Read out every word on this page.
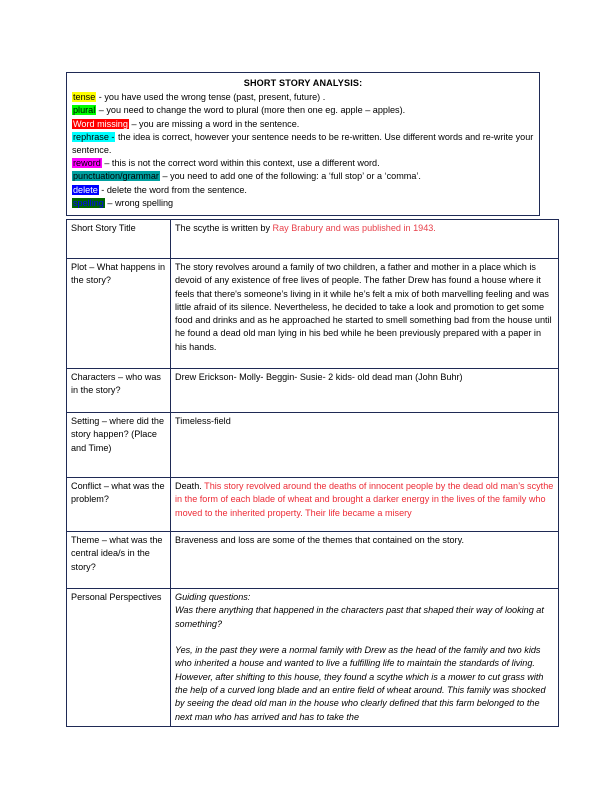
SHORT STORY ANALYSIS:
tense - you have used the wrong tense (past, present, future) .
plural – you need to change the word to plural (more then one eg. apple – apples).
Word missing – you are missing a word in the sentence.
rephrase - the idea is correct, however your sentence needs to be re-written. Use different words and re-write your sentence.
reword – this is not the correct word within this context, use a different word.
punctuation/grammar – you need to add one of the following: a ‘full stop’ or a ‘comma’.
delete - delete the word from the sentence.
spelling – wrong spelling
Short Story Title	The scythe is written by Ray Brabury and was published in 1943.
Plot – What happens in the story?	The story revolves around a family of two children, a father and mother in a place which is devoid of any existence of free lives of people. The father Drew has found a house where it feels that there's someone’s living in it while he’s felt a mix of both marvelling feeling and was little afraid of its silence. Nevertheless, he decided to take a look and promotion to get some food and drinks and as he approached he started to smell something bad from the house until he found a dead old man lying in his bed while he been previously prepared with a paper in his hands.
Characters – who was in the story?	Drew Erickson- Molly- Beggin- Susie- 2 kids- old dead man (John Buhr)
Setting – where did the story happen? (Place and Time)	Timeless-field
Conflict – what was the problem?	Death. This story revolved around the deaths of innocent people by the dead old man’s scythe in the form of each blade of wheat and brought a darker energy in the lives of the family who moved to the inherited property. Their life became a misery
Theme – what was the central idea/s in the story?	Braveness and loss are some of the themes that contained on the story.
Personal Perspectives	Guiding questions:
Was there anything that happened in the characters past that shaped their way of looking at something?
Yes, in the past they were a normal family with Drew as the head of the family and two kids who inherited a house and wanted to live a fulfilling life to maintain the standards of living. However, after shifting to this house, they found a scythe which is a mower to cut grass with the help of a curved long blade and an entire field of wheat around. This family was shocked by seeing the dead old man in the house who clearly defined that this farm belonged to the next man who has arrived and has to take the
